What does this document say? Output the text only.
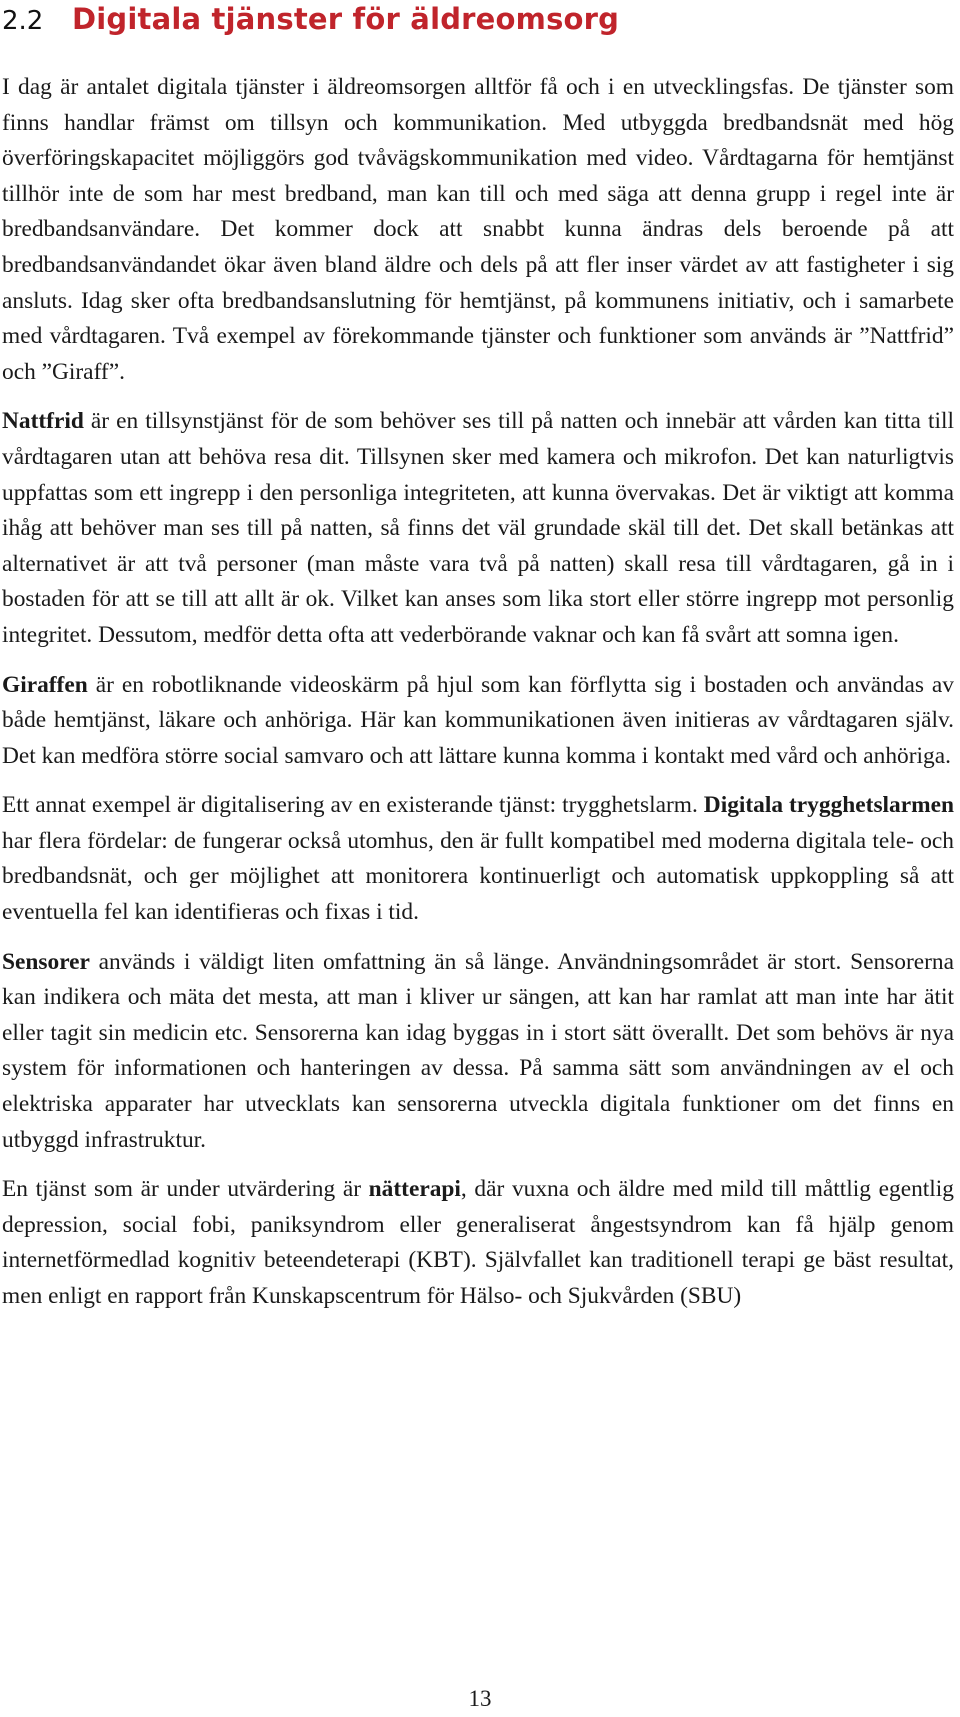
2.2 Digitala tjänster för äldreomsorg

I dag är antalet digitala tjänster i äldreomsorgen alltför få och i en utvecklingsfas. De tjänster som finns handlar främst om tillsyn och kommunikation. Med utbyggda bredbandsnät med hög överföringskapacitet möjliggörs god tvåvägskommunikation med video. Vårdtagarna för hemtjänst tillhör inte de som har mest bredband, man kan till och med säga att denna grupp i regel inte är bredbandsanvändare. Det kommer dock att snabbt kunna ändras dels beroende på att bredbandsanvändandet ökar även bland äldre och dels på att fler inser värdet av att fastigheter i sig ansluts. Idag sker ofta bredbandsanslutning för hemtjänst, på kommunens initiativ, och i samarbete med vårdtagaren. Två exempel av förekommande tjänster och funktioner som används är ”Nattfrid” och ”Giraff”.

Nattfrid är en tillsynstjänst för de som behöver ses till på natten och innebär att vården kan titta till vårdtagaren utan att behöva resa dit. Tillsynen sker med kamera och mikrofon. Det kan naturligtvis uppfattas som ett ingrepp i den personliga integriteten, att kunna övervakas. Det är viktigt att komma ihåg att behöver man ses till på natten, så finns det väl grundade skäl till det. Det skall betänkas att alternativet är att två personer (man måste vara två på natten) skall resa till vårdtagaren, gå in i bostaden för att se till att allt är ok. Vilket kan anses som lika stort eller större ingrepp mot personlig integritet. Dessutom, medför detta ofta att vederbörande vaknar och kan få svårt att somna igen.

Giraffen är en robotliknande videoskärm på hjul som kan förflytta sig i bostaden och användas av både hemtjänst, läkare och anhöriga. Här kan kommunikationen även initieras av vårdtagaren själv. Det kan medföra större social samvaro och att lättare kunna komma i kontakt med vård och anhöriga.

Ett annat exempel är digitalisering av en existerande tjänst: trygghetslarm. Digitala trygghetslarmen har flera fördelar: de fungerar också utomhus, den är fullt kompatibel med moderna digitala tele- och bredbandsnät, och ger möjlighet att monitorera kontinuerligt och automatisk uppkoppling så att eventuella fel kan identifieras och fixas i tid.

Sensorer används i väldigt liten omfattning än så länge. Användningsområdet är stort. Sensorerna kan indikera och mäta det mesta, att man i kliver ur sängen, att kan har ramlat att man inte har ätit eller tagit sin medicin etc. Sensorerna kan idag byggas in i stort sätt överallt. Det som behövs är nya system för informationen och hanteringen av dessa. På samma sätt som användningen av el och elektriska apparater har utvecklats kan sensorerna utveckla digitala funktioner om det finns en utbyggd infrastruktur.

En tjänst som är under utvärdering är nätterapi, där vuxna och äldre med mild till måttlig egentlig depression, social fobi, paniksyndrom eller generaliserat ångestsyndrom kan få hjälp genom internetförmedlad kognitiv beteendeterapi (KBT). Självfallet kan traditionell terapi ge bäst resultat, men enligt en rapport från Kunskapscentrum för Hälso- och Sjukvården (SBU)

13
